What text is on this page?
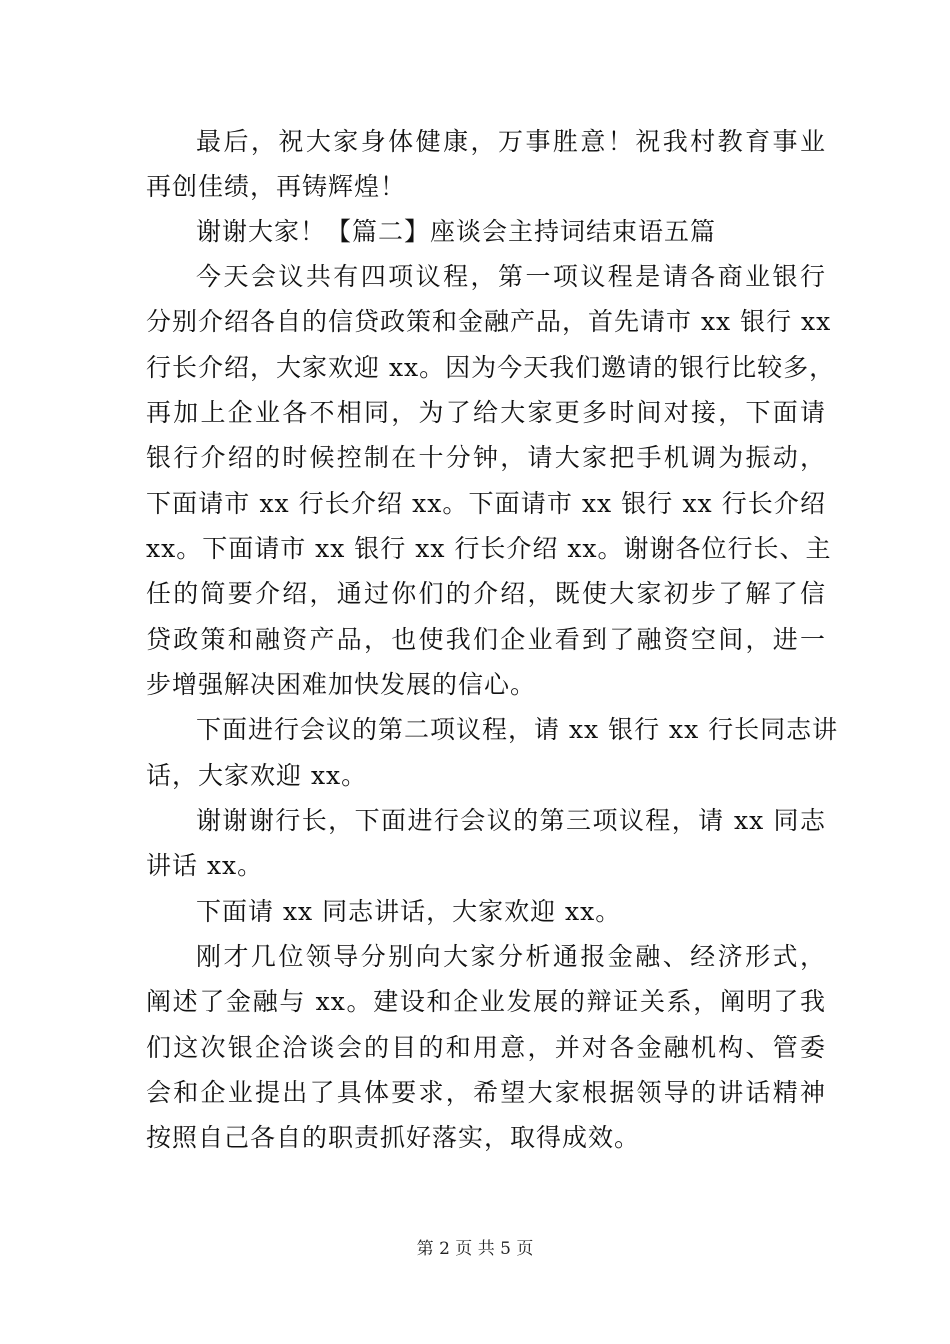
最后，祝大家身体健康，万事胜意！祝我村教育事业
再创佳绩，再铸辉煌！
谢谢大家！【篇二】座谈会主持词结束语五篇
今天会议共有四项议程，第一项议程是请各商业银行
分别介绍各自的信贷政策和金融产品，首先请市 xx 银行 xx
行长介绍，大家欢迎 xx。因为今天我们邀请的银行比较多，
再加上企业各不相同，为了给大家更多时间对接，下面请
银行介绍的时候控制在十分钟，请大家把手机调为振动，
下面请市 xx 行长介绍 xx。下面请市 xx 银行 xx 行长介绍
xx。下面请市 xx 银行 xx 行长介绍 xx。谢谢各位行长、主
任的简要介绍，通过你们的介绍，既使大家初步了解了信
贷政策和融资产品，也使我们企业看到了融资空间，进一
步增强解决困难加快发展的信心。
下面进行会议的第二项议程，请 xx 银行 xx 行长同志讲
话，大家欢迎 xx。
谢谢谢行长，下面进行会议的第三项议程，请 xx 同志
讲话 xx。
下面请 xx 同志讲话，大家欢迎 xx。
刚才几位领导分别向大家分析通报金融、经济形式，
阐述了金融与 xx。建设和企业发展的辩证关系，阐明了我
们这次银企洽谈会的目的和用意，并对各金融机构、管委
会和企业提出了具体要求，希望大家根据领导的讲话精神
按照自己各自的职责抓好落实，取得成效。
第 2 页 共 5 页
